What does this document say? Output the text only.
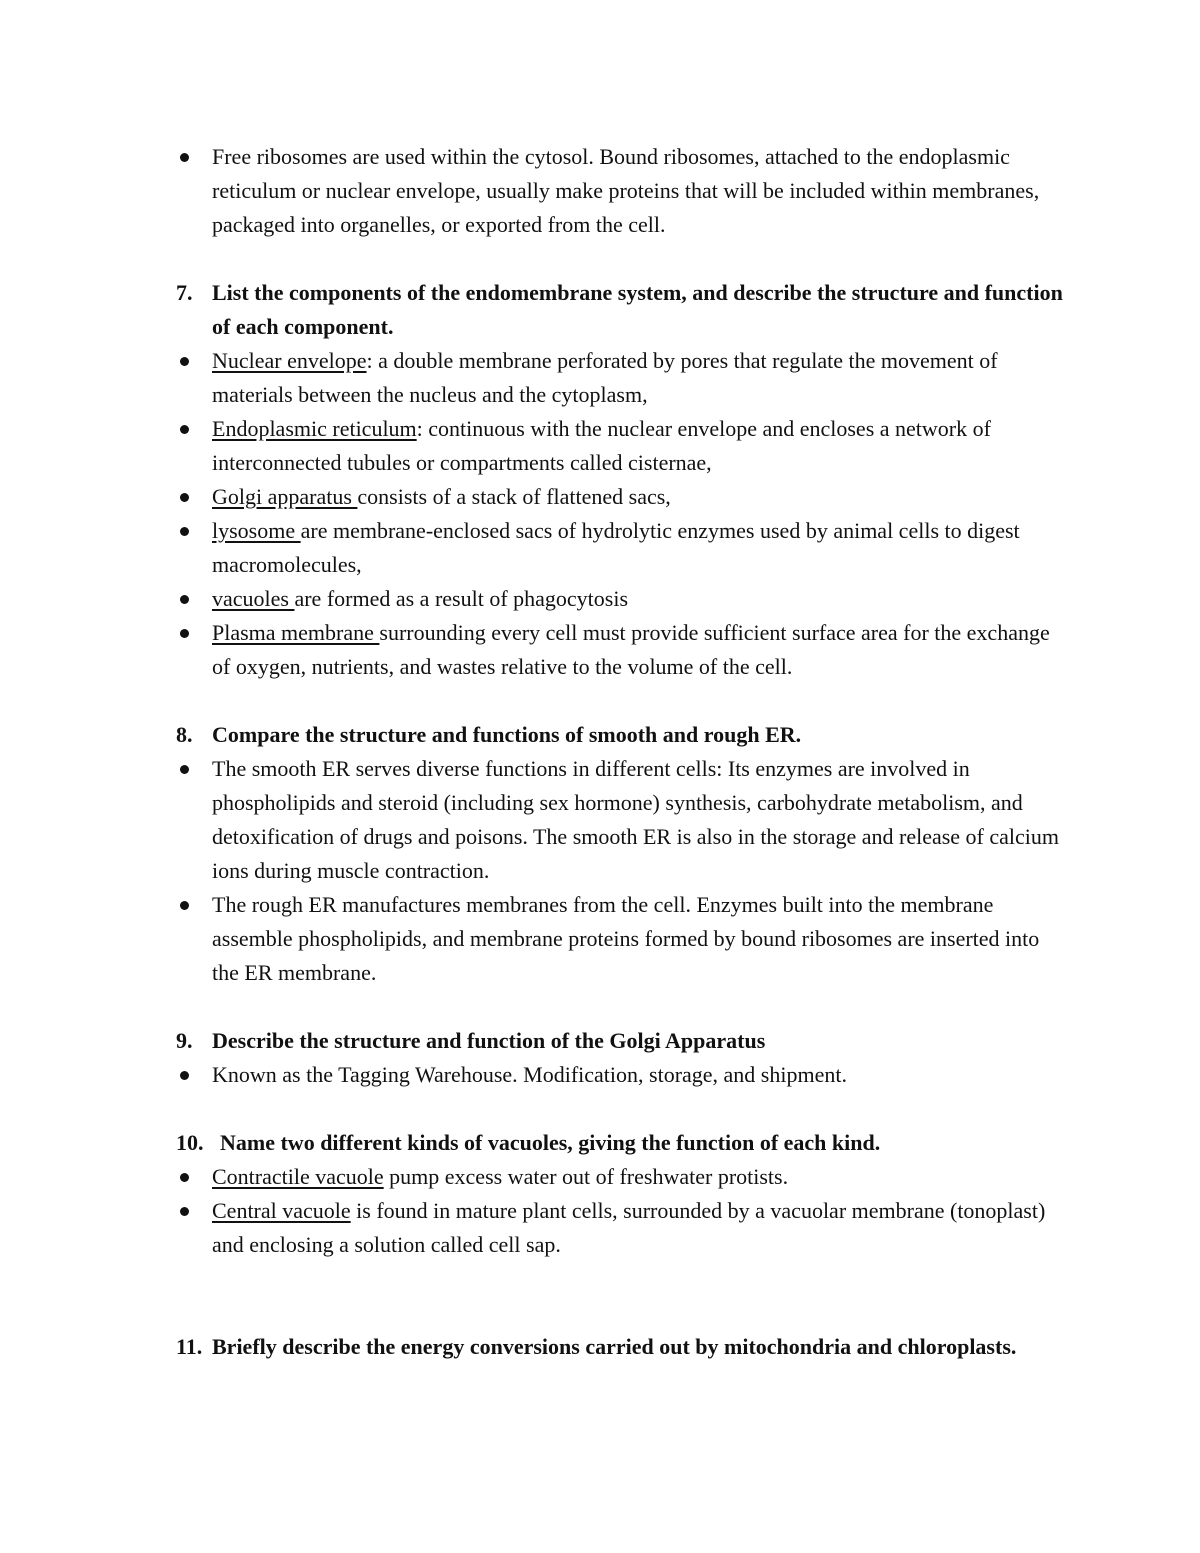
Free ribosomes are used within the cytosol. Bound ribosomes, attached to the endoplasmic reticulum or nuclear envelope, usually make proteins that will be included within membranes, packaged into organelles, or exported from the cell.
7. List the components of the endomembrane system, and describe the structure and function of each component.
Nuclear envelope: a double membrane perforated by pores that regulate the movement of materials between the nucleus and the cytoplasm,
Endoplasmic reticulum: continuous with the nuclear envelope and encloses a network of interconnected tubules or compartments called cisternae,
Golgi apparatus consists of a stack of flattened sacs,
lysosome are membrane-enclosed sacs of hydrolytic enzymes used by animal cells to digest macromolecules,
vacuoles are formed as a result of phagocytosis
Plasma membrane surrounding every cell must provide sufficient surface area for the exchange of oxygen, nutrients, and wastes relative to the volume of the cell.
8. Compare the structure and functions of smooth and rough ER.
The smooth ER serves diverse functions in different cells: Its enzymes are involved in phospholipids and steroid (including sex hormone) synthesis, carbohydrate metabolism, and detoxification of drugs and poisons. The smooth ER is also in the storage and release of calcium ions during muscle contraction.
The rough ER manufactures membranes from the cell. Enzymes built into the membrane assemble phospholipids, and membrane proteins formed by bound ribosomes are inserted into the ER membrane.
9. Describe the structure and function of the Golgi Apparatus
Known as the Tagging Warehouse. Modification, storage, and shipment.
10. Name two different kinds of vacuoles, giving the function of each kind.
Contractile vacuole pump excess water out of freshwater protists.
Central vacuole is found in mature plant cells, surrounded by a vacuolar membrane (tonoplast) and enclosing a solution called cell sap.
11. Briefly describe the energy conversions carried out by mitochondria and chloroplasts.
